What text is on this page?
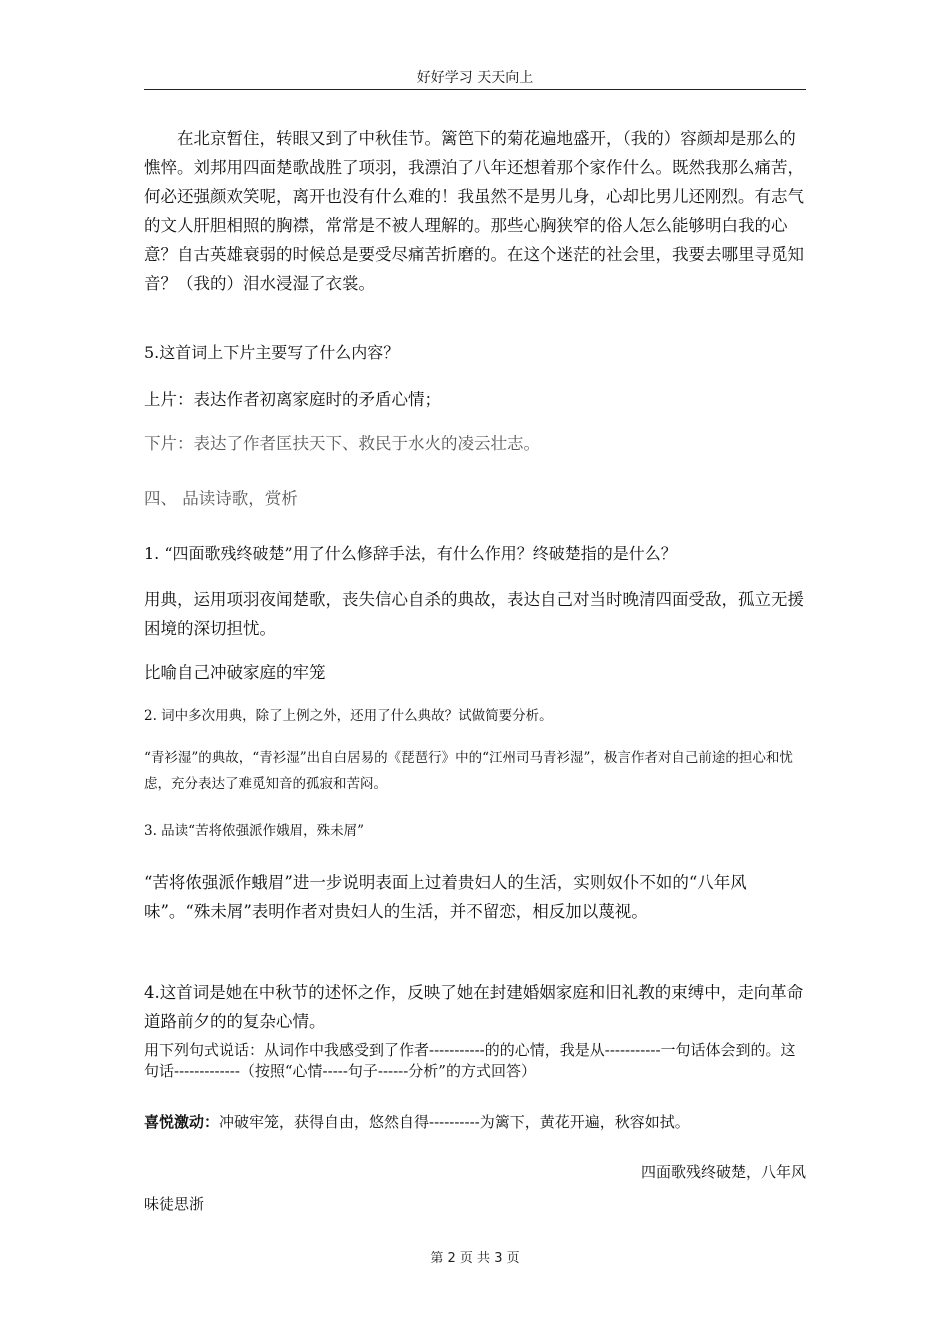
好好学习 天天向上

在北京暂住，转眼又到了中秋佳节。篱笆下的菊花遍地盛开，（我的）容颜却是那么的憔悴。刘邦用四面楚歌战胜了项羽，我漂泊了八年还想着那个家作什么。既然我那么痛苦，何必还强颜欢笑呢，离开也没有什么难的！我虽然不是男儿身，心却比男儿还刚烈。有志气的文人肝胆相照的胸襟，常常是不被人理解的。那些心胸狭窄的俗人怎么能够明白我的心意？自古英雄衰弱的时候总是要受尽痛苦折磨的。在这个迷茫的社会里，我要去哪里寻觅知音？（我的）泪水浸湿了衣裳。

5.这首词上下片主要写了什么内容？

上片：表达作者初离家庭时的矛盾心情；

下片：表达了作者匡扶天下、救民于水火的凌云壮志。

四、 品读诗歌，赏析

1. “四面歌残终破楚”用了什么修辞手法，有什么作用？终破楚指的是什么？

用典，运用项羽夜闻楚歌，丧失信心自杀的典故，表达自己对当时晚清四面受敌，孤立无援困境的深切担忧。

比喻自己冲破家庭的牢笼

2. 词中多次用典，除了上例之外，还用了什么典故？试做简要分析。

“青衫湿”的典故，“青衫湿”出自白居易的《琵琶行》中的“江州司马青衫湿”，极言作者对自己前途的担心和忧虑，充分表达了难觅知音的孤寂和苦闷。

3. 品读“苦将侬强派作娥眉，殊未屑”

“苦将侬强派作蛾眉”进一步说明表面上过着贵妇人的生活，实则奴仆不如的“八年风味”。“殊未屑”表明作者对贵妇人的生活，并不留恋，相反加以蔑视。

4.这首词是她在中秋节的述怀之作，反映了她在封建婚姻家庭和旧礼教的束缚中，走向革命道路前夕的的复杂心情。

用下列句式说话：从词作中我感受到了作者-----------的的心情，我是从-----------一句话体会到的。这句话-------------（按照“心情-----句子------分析”的方式回答）

喜悦激动：冲破牢笼，获得自由，悠然自得----------为篱下，黄花开遍，秋容如拭。

四面歌残终破楚，八年风

味徒思浙

第 2 页 共 3 页
